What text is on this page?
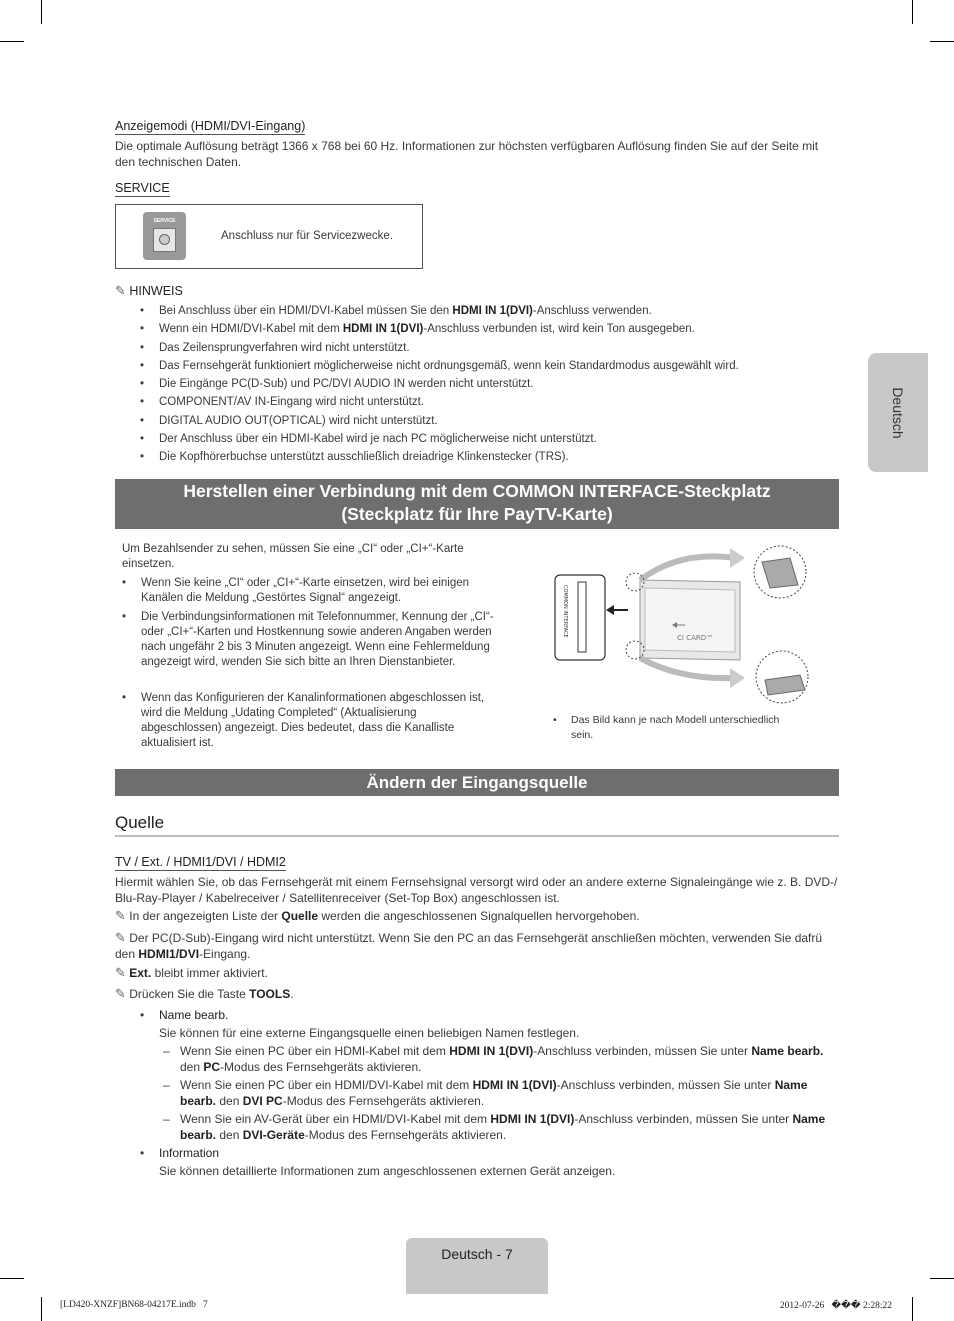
Deutsch
Anzeigemodi (HDMI/DVI-Eingang)
Die optimale Auflösung beträgt 1366 x 768 bei 60 Hz. Informationen zur höchsten verfügbaren Auflösung finden Sie auf der Seite mit den technischen Daten.
SERVICE
SERVICE
Anschluss nur für Servicezwecke.
✎ HINWEIS
• Bei Anschluss über ein HDMI/DVI-Kabel müssen Sie den HDMI IN 1(DVI)-Anschluss verwenden.
• Wenn ein HDMI/DVI-Kabel mit dem HDMI IN 1(DVI)-Anschluss verbunden ist, wird kein Ton ausgegeben.
• Das Zeilensprungverfahren wird nicht unterstützt.
• Das Fernsehgerät funktioniert möglicherweise nicht ordnungsgemäß, wenn kein Standardmodus ausgewählt wird.
• Die Eingänge PC(D-Sub) und PC/DVI AUDIO IN werden nicht unterstützt.
• COMPONENT/AV IN-Eingang wird nicht unterstützt.
• DIGITAL AUDIO OUT(OPTICAL) wird nicht unterstützt.
• Der Anschluss über ein HDMI-Kabel wird je nach PC möglicherweise nicht unterstützt.
• Die Kopfhörerbuchse unterstützt ausschließlich dreiadrige Klinkenstecker (TRS).
Herstellen einer Verbindung mit dem COMMON INTERFACE-Steckplatz
(Steckplatz für Ihre PayTV-Karte)
Um Bezahlsender zu sehen, müssen Sie eine „CI“ oder „CI+“-Karte einsetzen.
• Wenn Sie keine „CI“ oder „CI+“-Karte einsetzen, wird bei einigen Kanälen die Meldung „Gestörtes Signal“ angezeigt.
• Die Verbindungsinformationen mit Telefonnummer, Kennung der „CI“- oder „CI+“-Karten und Hostkennung sowie anderen Angaben werden nach ungefähr 2 bis 3 Minuten angezeigt. Wenn eine Fehlermeldung angezeigt wird, wenden Sie sich bitte an Ihren Dienstanbieter.
• Wenn das Konfigurieren der Kanalinformationen abgeschlossen ist, wird die Meldung „Udating Completed“ (Aktualisierung abgeschlossen) angezeigt. Dies bedeutet, dass die Kanalliste aktualisiert ist.
COMMON INTERFACE
CI CARD™
• Das Bild kann je nach Modell unterschiedlich sein.
Ändern der Eingangsquelle
Quelle
TV / Ext. / HDMI1/DVI / HDMI2
Hiermit wählen Sie, ob das Fernsehgerät mit einem Fernsehsignal versorgt wird oder an andere externe Signaleingänge wie z. B. DVD-/ Blu-Ray-Player / Kabelreceiver / Satellitenreceiver (Set-Top Box) angeschlossen ist.
✎ In der angezeigten Liste der Quelle werden die angeschlossenen Signalquellen hervorgehoben.
✎ Der PC(D-Sub)-Eingang wird nicht unterstützt. Wenn Sie den PC an das Fernsehgerät anschließen möchten, verwenden Sie dafrü den HDMI1/DVI-Eingang.
✎ Ext. bleibt immer aktiviert.
✎ Drücken Sie die Taste TOOLS.
• Name bearb.
Sie können für eine externe Eingangsquelle einen beliebigen Namen festlegen.
– Wenn Sie einen PC über ein HDMI-Kabel mit dem HDMI IN 1(DVI)-Anschluss verbinden, müssen Sie unter Name bearb. den PC-Modus des Fernsehgeräts aktivieren.
– Wenn Sie einen PC über ein HDMI/DVI-Kabel mit dem HDMI IN 1(DVI)-Anschluss verbinden, müssen Sie unter Name bearb. den DVI PC-Modus des Fernsehgeräts aktivieren.
– Wenn Sie ein AV-Gerät über ein HDMI/DVI-Kabel mit dem HDMI IN 1(DVI)-Anschluss verbinden, müssen Sie unter Name bearb. den DVI-Geräte-Modus des Fernsehgeräts aktivieren.
• Information
Sie können detaillierte Informationen zum angeschlossenen externen Gerät anzeigen.
Deutsch - 7
[LD420-XNZF]BN68-04217E.indb   7	2012-07-26   ��� 2:28:22
